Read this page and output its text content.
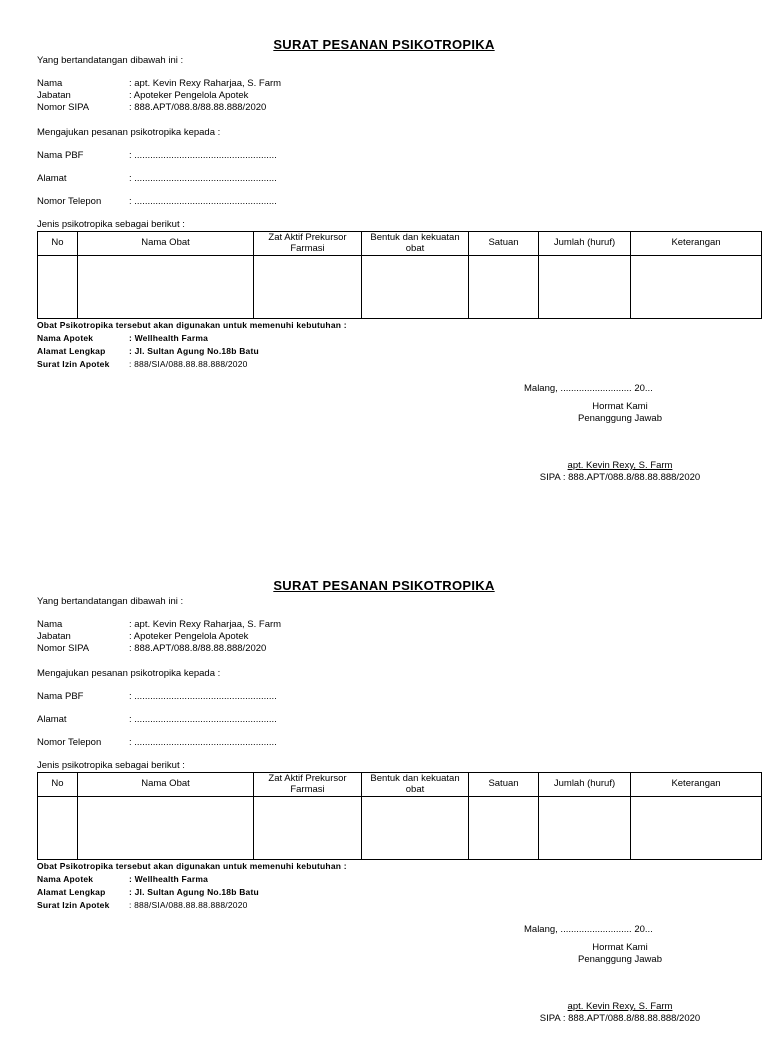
SURAT PESANAN PSIKOTROPIKA
Yang bertandatangan dibawah ini :
Nama	: apt. Kevin Rexy Raharjaa, S. Farm
Jabatan	: Apoteker Pengelola Apotek
Nomor SIPA	: 888.APT/088.8/88.88.888/2020
Mengajukan pesanan psikotropika kepada :
Nama PBF	: ......................................................
Alamat	: ......................................................
Nomor Telepon	: ......................................................
Jenis psikotropika sebagai berikut :
No	Nama Obat	Zat Aktif Prekursor Farmasi	Bentuk dan kekuatan obat	Satuan	Jumlah (huruf)	Keterangan

Obat Psikotropika tersebut akan digunakan untuk memenuhi kebutuhan :
Nama Apotek	: Wellhealth Farma
Alamat Lengkap	: Jl. Sultan Agung No.18b Batu
Surat Izin Apotek : 888/SIA/088.88.88.888/2020
Malang, ........................... 20...
Hormat Kami
Penanggung Jawab
apt. Kevin Rexy, S. Farm
SIPA : 888.APT/088.8/88.88.888/2020
SURAT PESANAN PSIKOTROPIKA
Yang bertandatangan dibawah ini :
Nama	: apt. Kevin Rexy Raharjaa, S. Farm
Jabatan	: Apoteker Pengelola Apotek
Nomor SIPA	: 888.APT/088.8/88.88.888/2020
Mengajukan pesanan psikotropika kepada :
Nama PBF	: ......................................................
Alamat	: ......................................................
Nomor Telepon	: ......................................................
Jenis psikotropika sebagai berikut :
No	Nama Obat	Zat Aktif Prekursor Farmasi	Bentuk dan kekuatan obat	Satuan	Jumlah (huruf)	Keterangan

Obat Psikotropika tersebut akan digunakan untuk memenuhi kebutuhan :
Nama Apotek	: Wellhealth Farma
Alamat Lengkap	: Jl. Sultan Agung No.18b Batu
Surat Izin Apotek : 888/SIA/088.88.88.888/2020
Malang, ........................... 20...
Hormat Kami
Penanggung Jawab
apt. Kevin Rexy, S. Farm
SIPA : 888.APT/088.8/88.88.888/2020
